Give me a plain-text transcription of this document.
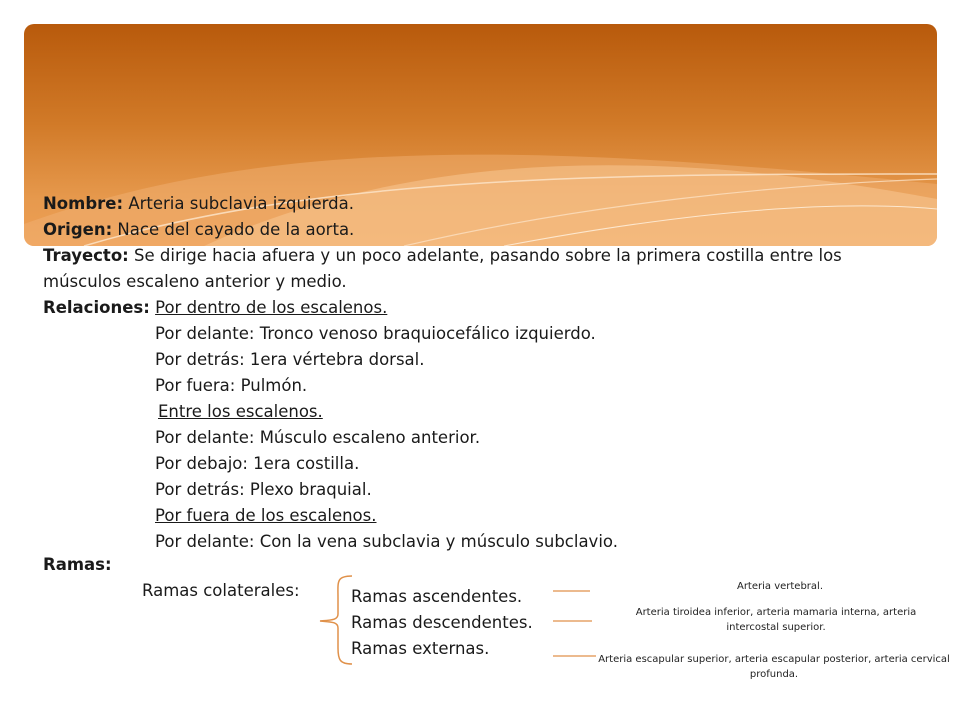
Nombre: Arteria subclavia izquierda.
Origen: Nace del cayado de la aorta.
Trayecto: Se dirige hacia afuera y un poco adelante, pasando sobre la primera costilla entre los
músculos escaleno anterior y medio.
Relaciones: Por dentro de los escalenos.
Por delante: Tronco venoso braquiocefálico izquierdo.
Por detrás: 1era vértebra dorsal.
Por fuera: Pulmón.
Entre los escalenos.
Por delante: Músculo escaleno anterior.
Por debajo: 1era costilla.
Por detrás: Plexo braquial.
Por fuera de los escalenos.
Por delante: Con la vena subclavia y músculo subclavio.
Ramas:
Ramas colaterales:	Ramas ascendentes.
Ramas descendentes.
Ramas externas.
Arteria vertebral.
Arteria tiroidea inferior, arteria mamaria interna, arteria intercostal superior.
Arteria escapular superior, arteria escapular posterior, arteria cervical profunda.
